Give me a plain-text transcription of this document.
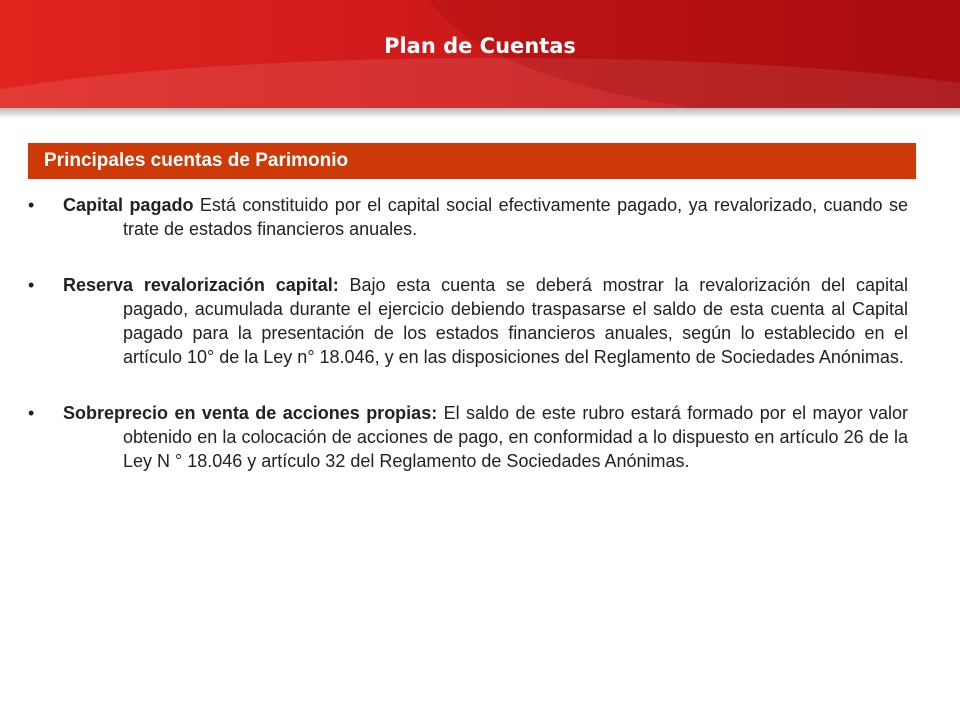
Plan de Cuentas
Principales cuentas de Parimonio

•	Capital pagado Está constituido por el capital social efectivamente pagado, ya revalorizado, cuando se trate de estados financieros anuales.

•	Reserva revalorización capital: Bajo esta cuenta se deberá mostrar la revalorización del capital pagado, acumulada durante el ejercicio debiendo traspasarse el saldo de esta cuenta al Capital pagado para la presentación de los estados financieros anuales, según lo establecido en el artículo 10° de la Ley n° 18.046, y en las disposiciones del Reglamento de Sociedades Anónimas.

•	Sobreprecio en venta de acciones propias: El saldo de este rubro estará formado por el mayor valor obtenido en la colocación de acciones de pago, en conformidad a lo dispuesto en artículo 26 de la Ley N ° 18.046 y artículo 32 del Reglamento de Sociedades Anónimas.
